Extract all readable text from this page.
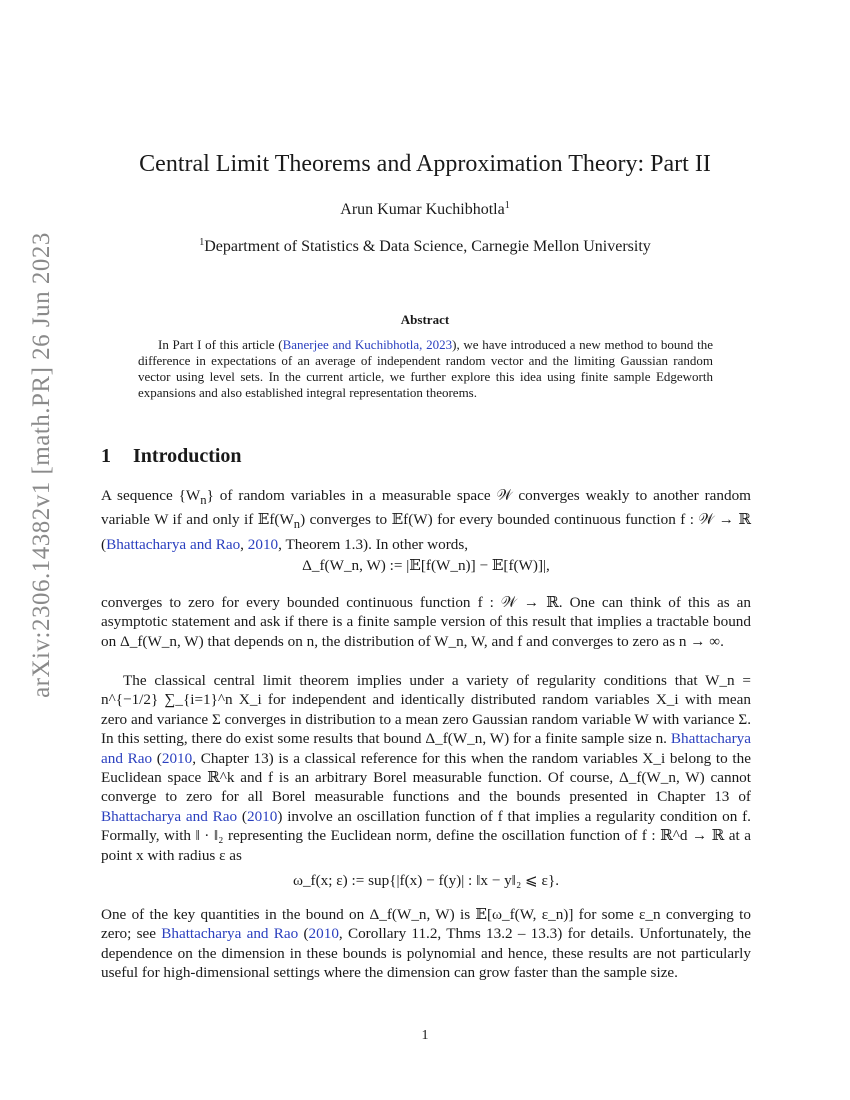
arXiv:2306.14382v1 [math.PR] 26 Jun 2023
Central Limit Theorems and Approximation Theory: Part II
Arun Kumar Kuchibhotla$^1$
$^1$Department of Statistics & Data Science, Carnegie Mellon University
Abstract
In Part I of this article (Banerjee and Kuchibhotla, 2023), we have introduced a new method to bound the difference in expectations of an average of independent random vector and the limiting Gaussian random vector using level sets. In the current article, we further explore this idea using finite sample Edgeworth expansions and also established integral representation theorems.
1 Introduction
A sequence $\{W_n\}$ of random variables in a measurable space 𝒲 converges weakly to another random variable W if and only if $𝔼f(W_n)$ converges to 𝔼f(W) for every bounded continuous function f : 𝒲 → ℝ (Bhattacharya and Rao, 2010, Theorem 1.3). In other words,
Δ_f(W_n, W) := |𝔼[f(W_n)] − 𝔼[f(W)]|,
converges to zero for every bounded continuous function f : 𝒲 → ℝ. One can think of this as an asymptotic statement and ask if there is a finite sample version of this result that implies a tractable bound on Δ_f(W_n, W) that depends on n, the distribution of W_n, W, and f and converges to zero as n → ∞.
The classical central limit theorem implies under a variety of regularity conditions that W_n = n^{−1/2} ∑_{i=1}^n X_i for independent and identically distributed random variables X_i with mean zero and variance Σ converges in distribution to a mean zero Gaussian random variable W with variance Σ. In this setting, there do exist some results that bound Δ_f(W_n, W) for a finite sample size n. Bhattacharya and Rao (2010, Chapter 13) is a classical reference for this when the random variables X_i belong to the Euclidean space ℝ^k and f is an arbitrary Borel measurable function. Of course, Δ_f(W_n, W) cannot converge to zero for all Borel measurable functions and the bounds presented in Chapter 13 of Bhattacharya and Rao (2010) involve an oscillation function of f that implies a regularity condition on f. Formally, with ‖ · ‖₂ representing the Euclidean norm, define the oscillation function of f : ℝ^d → ℝ at a point x with radius ε as
ω_f(x; ε) := sup{|f(x) − f(y)| : ‖x − y‖₂ ⩽ ε}.
One of the key quantities in the bound on Δ_f(W_n, W) is 𝔼[ω_f(W, ε_n)] for some ε_n converging to zero; see Bhattacharya and Rao (2010, Corollary 11.2, Thms 13.2 – 13.3) for details. Unfortunately, the dependence on the dimension in these bounds is polynomial and hence, these results are not particularly useful for high-dimensional settings where the dimension can grow faster than the sample size.
1
